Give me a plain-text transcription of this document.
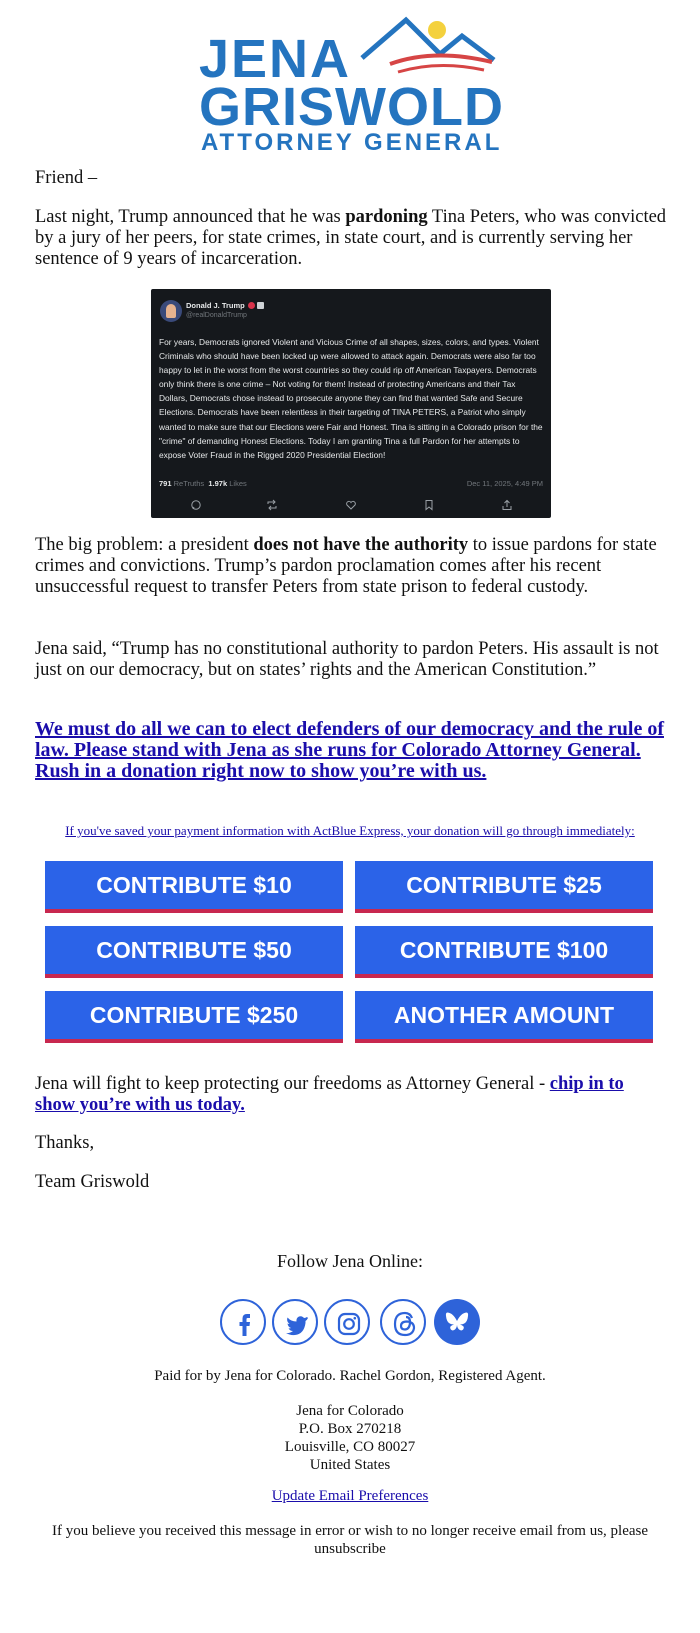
JENA
GRISWOLD
ATTORNEY GENERAL

Friend –

Last night, Trump announced that he was pardoning Tina Peters, who was convicted by a jury of her peers, for state crimes, in state court, and is currently serving her sentence of 9 years of incarceration.

Donald J. Trump
@realDonaldTrump
For years, Democrats ignored Violent and Vicious Crime of all shapes, sizes, colors, and types. Violent Criminals who should have been locked up were allowed to attack again. Democrats were also far too happy to let in the worst from the worst countries so they could rip off American Taxpayers. Democrats only think there is one crime – Not voting for them! Instead of protecting Americans and their Tax Dollars, Democrats chose instead to prosecute anyone they can find that wanted Safe and Secure Elections. Democrats have been relentless in their targeting of TINA PETERS, a Patriot who simply wanted to make sure that our Elections were Fair and Honest. Tina is sitting in a Colorado prison for the "crime" of demanding Honest Elections. Today I am granting Tina a full Pardon for her attempts to expose Voter Fraud in the Rigged 2020 Presidential Election!
791 ReTruths 1.97k Likes	Dec 11, 2025, 4:49 PM

The big problem: a president does not have the authority to issue pardons for state crimes and convictions. Trump’s pardon proclamation comes after his recent unsuccessful request to transfer Peters from state prison to federal custody.

Jena said, “Trump has no constitutional authority to pardon Peters. His assault is not just on our democracy, but on states’ rights and the American Constitution.”

We must do all we can to elect defenders of our democracy and the rule of law. Please stand with Jena as she runs for Colorado Attorney General. Rush in a donation right now to show you’re with us.
If you've saved your payment information with ActBlue Express, your donation will go through immediately:
CONTRIBUTE $10	CONTRIBUTE $25
CONTRIBUTE $50	CONTRIBUTE $100
CONTRIBUTE $250	ANOTHER AMOUNT

Jena will fight to keep protecting our freedoms as Attorney General - chip in to show you’re with us today.

Thanks,

Team Griswold

Follow Jena Online:
Paid for by Jena for Colorado. Rachel Gordon, Registered Agent.
Jena for Colorado
P.O. Box 270218
Louisville, CO 80027
United States
Update Email Preferences
If you believe you received this message in error or wish to no longer receive email from us, please unsubscribe
